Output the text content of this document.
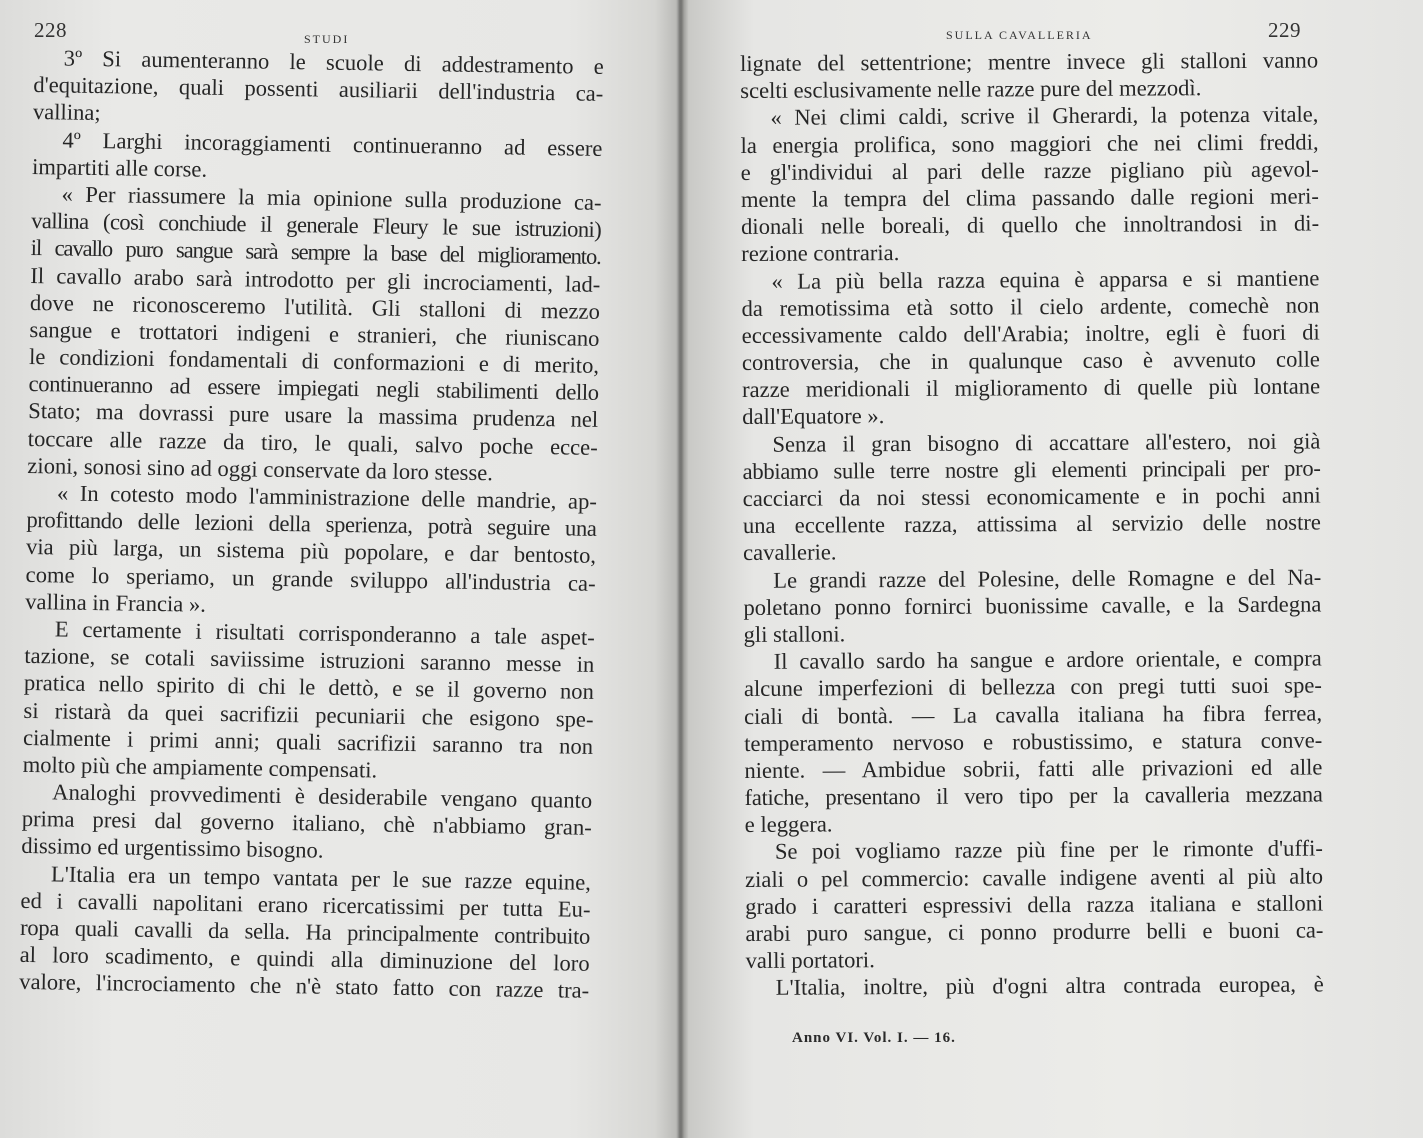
228	STUDI
3º Si aumenteranno le scuole di addestramento e
d'equitazione, quali possenti ausiliarii dell'industria ca-
vallina;
4º Larghi incoraggiamenti continueranno ad essere
impartiti alle corse.
« Per riassumere la mia opinione sulla produzione ca-
vallina (così conchiude il generale Fleury le sue istruzioni)
il cavallo puro sangue sarà sempre la base del miglioramento.
Il cavallo arabo sarà introdotto per gli incrociamenti, lad-
dove ne riconosceremo l'utilità. Gli stalloni di mezzo
sangue e trottatori indigeni e stranieri, che riuniscano
le condizioni fondamentali di conformazioni e di merito,
continueranno ad essere impiegati negli stabilimenti dello
Stato; ma dovrassi pure usare la massima prudenza nel
toccare alle razze da tiro, le quali, salvo poche ecce-
zioni, sonosi sino ad oggi conservate da loro stesse.
« In cotesto modo l'amministrazione delle mandrie, ap-
profittando delle lezioni della sperienza, potrà seguire una
via più larga, un sistema più popolare, e dar bentosto,
come lo speriamo, un grande sviluppo all'industria ca-
vallina in Francia ».
E certamente i risultati corrisponderanno a tale aspet-
tazione, se cotali saviissime istruzioni saranno messe in
pratica nello spirito di chi le dettò, e se il governo non
si ristarà da quei sacrifizii pecuniarii che esigono spe-
cialmente i primi anni; quali sacrifizii saranno tra non
molto più che ampiamente compensati.
Analoghi provvedimenti è desiderabile vengano quanto
prima presi dal governo italiano, chè n'abbiamo gran-
dissimo ed urgentissimo bisogno.
L'Italia era un tempo vantata per le sue razze equine,
ed i cavalli napolitani erano ricercatissimi per tutta Eu-
ropa quali cavalli da sella. Ha principalmente contribuito
al loro scadimento, e quindi alla diminuzione del loro
valore, l'incrociamento che n'è stato fatto con razze tra-
SULLA CAVALLERIA	229
lignate del settentrione; mentre invece gli stalloni vanno
scelti esclusivamente nelle razze pure del mezzodì.
« Nei climi caldi, scrive il Gherardi, la potenza vitale,
la energia prolifica, sono maggiori che nei climi freddi,
e gl'individui al pari delle razze pigliano più agevol-
mente la tempra del clima passando dalle regioni meri-
dionali nelle boreali, di quello che innoltrandosi in di-
rezione contraria.
« La più bella razza equina è apparsa e si mantiene
da remotissima età sotto il cielo ardente, comechè non
eccessivamente caldo dell'Arabia; inoltre, egli è fuori di
controversia, che in qualunque caso è avvenuto colle
razze meridionali il miglioramento di quelle più lontane
dall'Equatore ».
Senza il gran bisogno di accattare all'estero, noi già
abbiamo sulle terre nostre gli elementi principali per pro-
cacciarci da noi stessi economicamente e in pochi anni
una eccellente razza, attissima al servizio delle nostre
cavallerie.
Le grandi razze del Polesine, delle Romagne e del Na-
poletano ponno fornirci buonissime cavalle, e la Sardegna
gli stalloni.
Il cavallo sardo ha sangue e ardore orientale, e compra
alcune imperfezioni di bellezza con pregi tutti suoi spe-
ciali di bontà. — La cavalla italiana ha fibra ferrea,
temperamento nervoso e robustissimo, e statura conve-
niente. — Ambidue sobrii, fatti alle privazioni ed alle
fatiche, presentano il vero tipo per la cavalleria mezzana
e leggera.
Se poi vogliamo razze più fine per le rimonte d'uffi-
ziali o pel commercio: cavalle indigene aventi al più alto
grado i caratteri espressivi della razza italiana e stalloni
arabi puro sangue, ci ponno produrre belli e buoni ca-
valli portatori.
L'Italia, inoltre, più d'ogni altra contrada europea, è
Anno VI. Vol. I. — 16.
